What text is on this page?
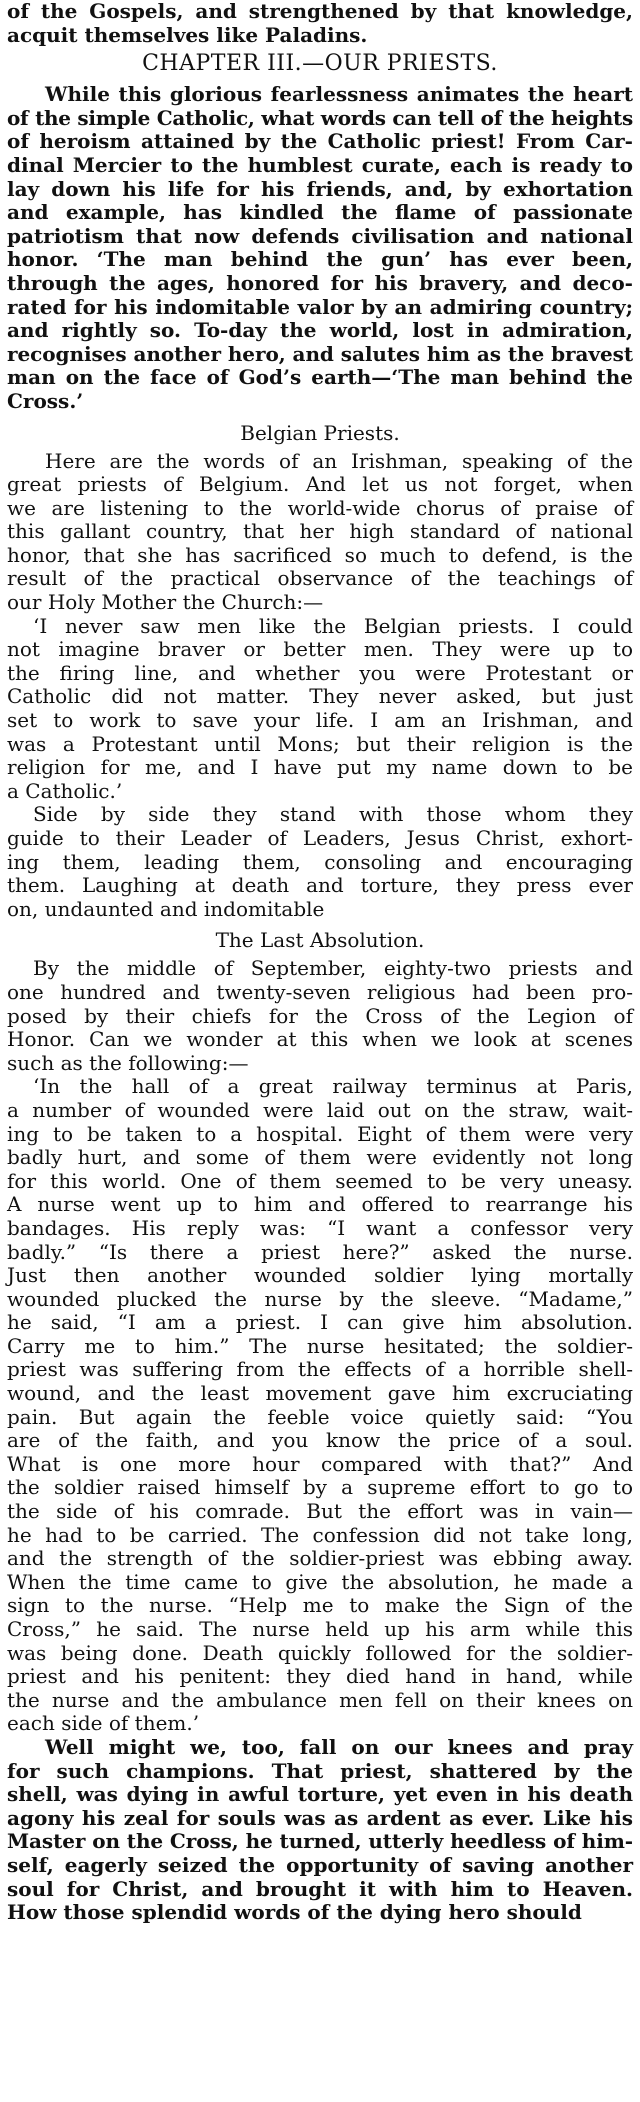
of the Gospels, and strengthened by that knowledge,
acquit themselves like Paladins.

CHAPTER III.—OUR PRIESTS.

While this glorious fearlessness animates the heart
of the simple Catholic, what words can tell of the heights
of heroism attained by the Catholic priest! From Car-
dinal Mercier to the humblest curate, each is ready to
lay down his life for his friends, and, by exhortation
and example, has kindled the flame of passionate
patriotism that now defends civilisation and national
honor. ‘The man behind the gun’ has ever been,
through the ages, honored for his bravery, and deco-
rated for his indomitable valor by an admiring country;
and rightly so. To-day the world, lost in admiration,
recognises another hero, and salutes him as the bravest
man on the face of God’s earth—‘The man behind the
Cross.’

Belgian Priests.

Here are the words of an Irishman, speaking of the
great priests of Belgium. And let us not forget, when
we are listening to the world-wide chorus of praise of
this gallant country, that her high standard of national
honor, that she has sacrificed so much to defend, is the
result of the practical observance of the teachings of
our Holy Mother the Church:—

‘I never saw men like the Belgian priests. I could
not imagine braver or better men. They were up to
the firing line, and whether you were Protestant or
Catholic did not matter. They never asked, but just
set to work to save your life. I am an Irishman, and
was a Protestant until Mons; but their religion is the
religion for me, and I have put my name down to be
a Catholic.’

Side by side they stand with those whom they
guide to their Leader of Leaders, Jesus Christ, exhort-
ing them, leading them, consoling and encouraging
them. Laughing at death and torture, they press ever
on, undaunted and indomitable

The Last Absolution.

By the middle of September, eighty-two priests and
one hundred and twenty-seven religious had been pro-
posed by their chiefs for the Cross of the Legion of
Honor. Can we wonder at this when we look at scenes
such as the following:—

‘In the hall of a great railway terminus at Paris,
a number of wounded were laid out on the straw, wait-
ing to be taken to a hospital. Eight of them were very
badly hurt, and some of them were evidently not long
for this world. One of them seemed to be very uneasy.
A nurse went up to him and offered to rearrange his
bandages. His reply was: “I want a confessor very
badly.” “Is there a priest here?” asked the nurse.
Just then another wounded soldier lying mortally
wounded plucked the nurse by the sleeve. “Madame,”
he said, “I am a priest. I can give him absolution.
Carry me to him.” The nurse hesitated; the soldier-
priest was suffering from the effects of a horrible shell-
wound, and the least movement gave him excruciating
pain. But again the feeble voice quietly said: “You
are of the faith, and you know the price of a soul.
What is one more hour compared with that?” And
the soldier raised himself by a supreme effort to go to
the side of his comrade. But the effort was in vain—
he had to be carried. The confession did not take long,
and the strength of the soldier-priest was ebbing away.
When the time came to give the absolution, he made a
sign to the nurse. “Help me to make the Sign of the
Cross,” he said. The nurse held up his arm while this
was being done. Death quickly followed for the soldier-
priest and his penitent: they died hand in hand, while
the nurse and the ambulance men fell on their knees on
each side of them.’

Well might we, too, fall on our knees and pray
for such champions. That priest, shattered by the
shell, was dying in awful torture, yet even in his death
agony his zeal for souls was as ardent as ever. Like his
Master on the Cross, he turned, utterly heedless of him-
self, eagerly seized the opportunity of saving another
soul for Christ, and brought it with him to Heaven.
How those splendid words of the dying hero should
